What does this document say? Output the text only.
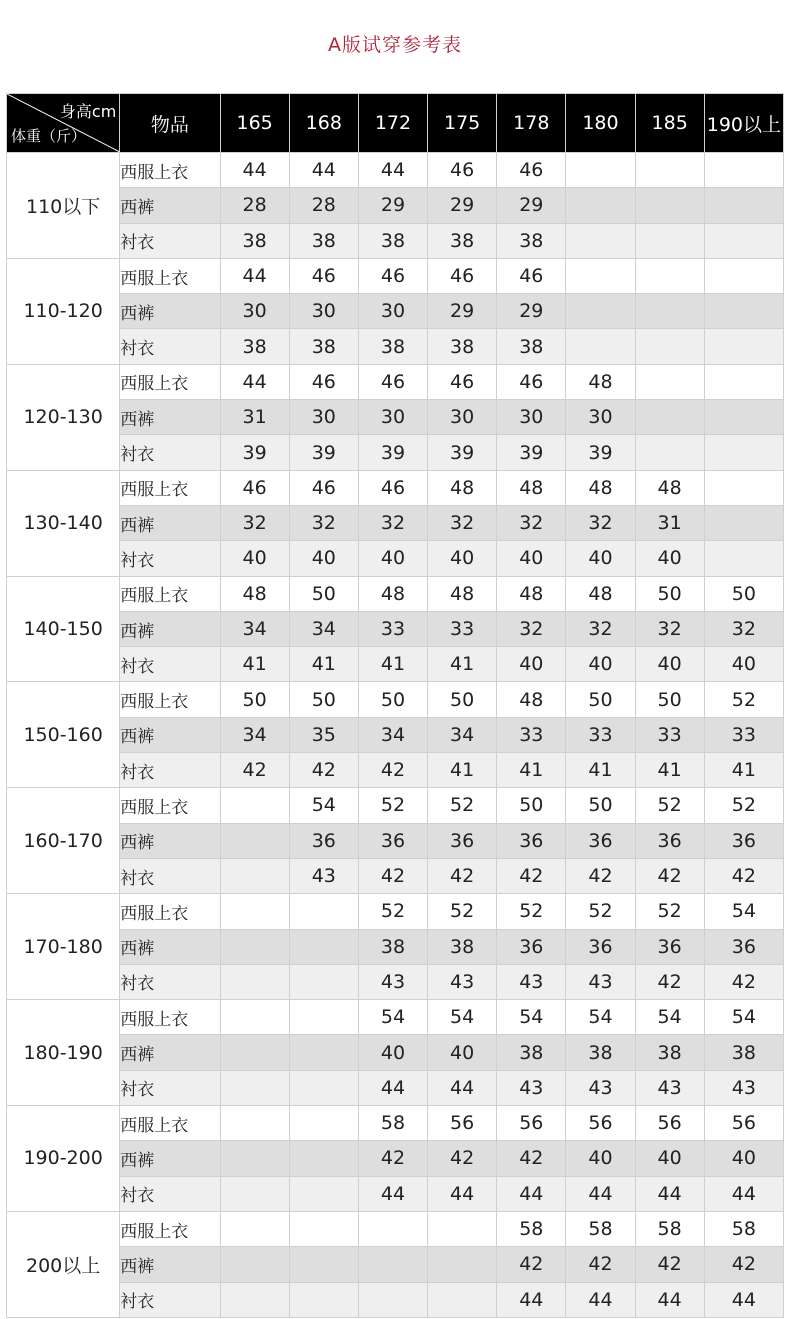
A版试穿参考表
身高cm
体重（斤）	物品	165	168	172	175	178	180	185	190以上
110以下	西服上衣	44	44	44	46	46			
	西裤	28	28	29	29	29			
	衬衣	38	38	38	38	38			
110-120	西服上衣	44	46	46	46	46			
	西裤	30	30	30	29	29			
	衬衣	38	38	38	38	38			
120-130	西服上衣	44	46	46	46	46	48		
	西裤	31	30	30	30	30	30		
	衬衣	39	39	39	39	39	39		
130-140	西服上衣	46	46	46	48	48	48	48	
	西裤	32	32	32	32	32	32	31	
	衬衣	40	40	40	40	40	40	40	
140-150	西服上衣	48	50	48	48	48	48	50	50
	西裤	34	34	33	33	32	32	32	32
	衬衣	41	41	41	41	40	40	40	40
150-160	西服上衣	50	50	50	50	48	50	50	52
	西裤	34	35	34	34	33	33	33	33
	衬衣	42	42	42	41	41	41	41	41
160-170	西服上衣		54	52	52	50	50	52	52
	西裤		36	36	36	36	36	36	36
	衬衣		43	42	42	42	42	42	42
170-180	西服上衣			52	52	52	52	52	54
	西裤			38	38	36	36	36	36
	衬衣			43	43	43	43	42	42
180-190	西服上衣			54	54	54	54	54	54
	西裤			40	40	38	38	38	38
	衬衣			44	44	43	43	43	43
190-200	西服上衣			58	56	56	56	56	56
	西裤			42	42	42	40	40	40
	衬衣			44	44	44	44	44	44
200以上	西服上衣					58	58	58	58
	西裤					42	42	42	42
	衬衣					44	44	44	44
